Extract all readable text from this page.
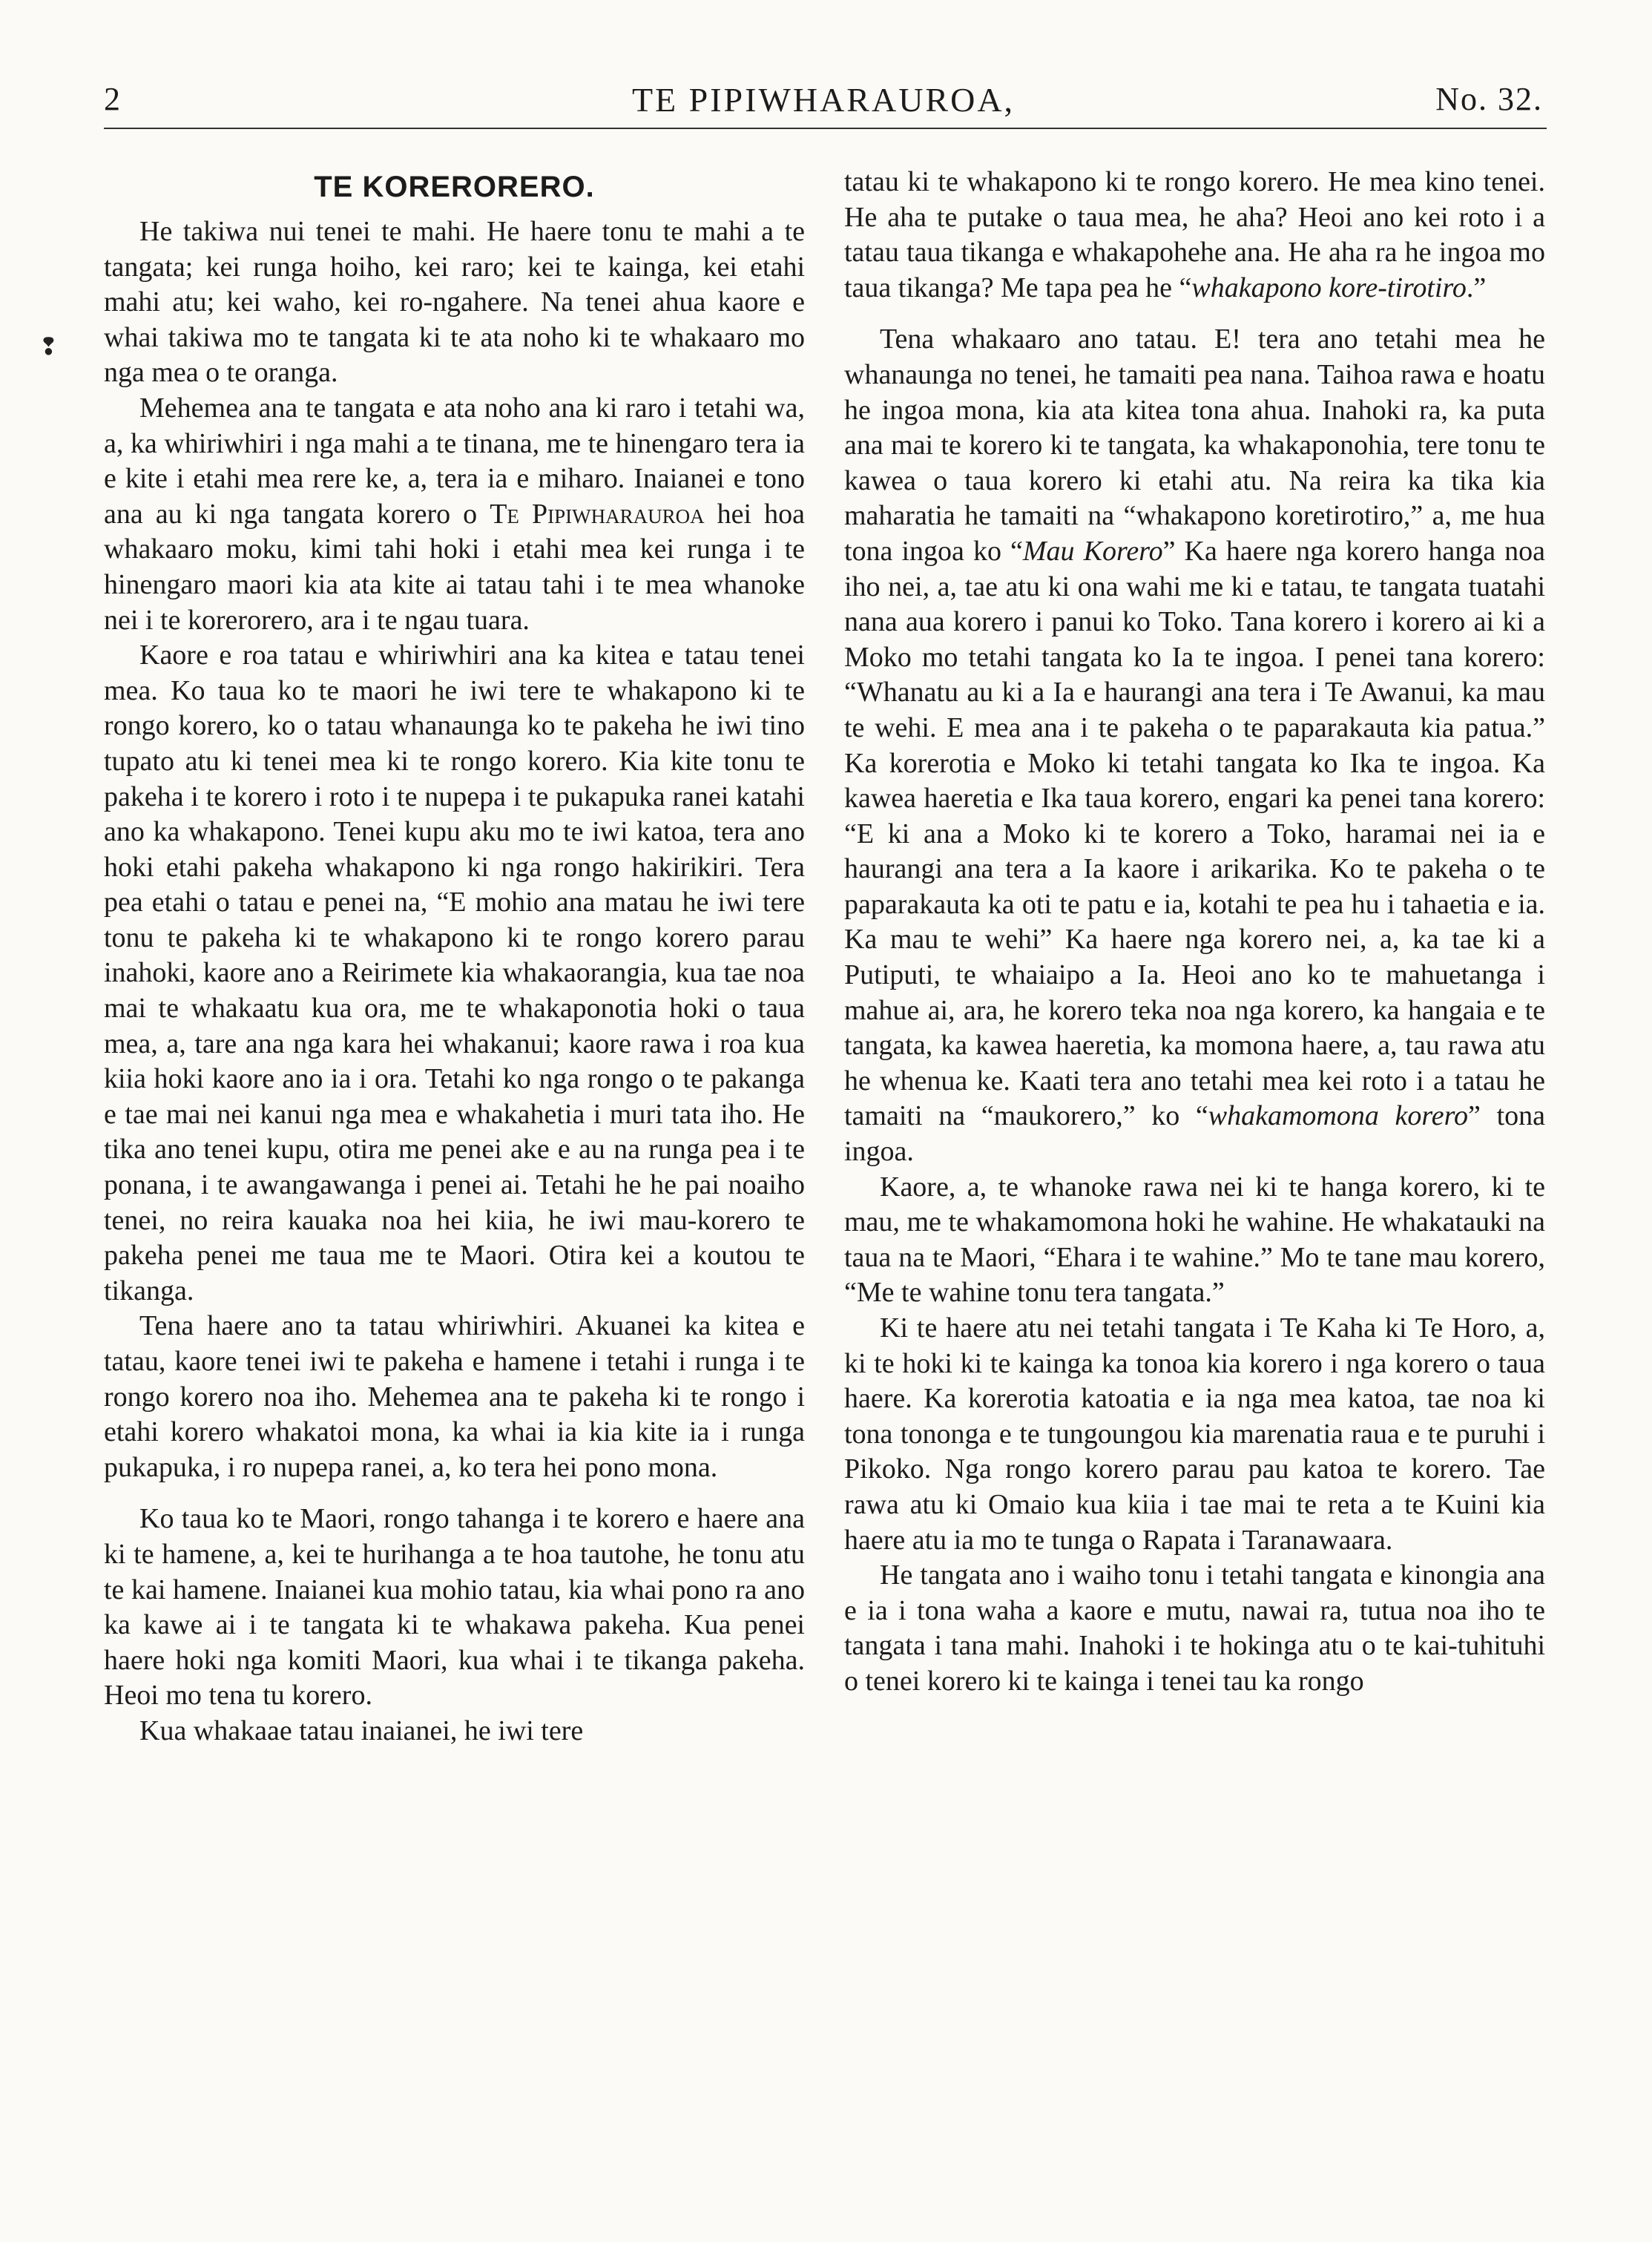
2	TE PIPIWHARAUROA,	No. 32.
❢
TE KORERORERO.

He takiwa nui tenei te mahi. He haere tonu te mahi a te tangata; kei runga hoiho, kei raro; kei te kainga, kei etahi mahi atu; kei waho, kei ro-ngahere. Na tenei ahua kaore e whai takiwa mo te tangata ki te ata noho ki te whakaaro mo nga mea o te oranga.

Mehemea ana te tangata e ata noho ana ki raro i tetahi wa, a, ka whiriwhiri i nga mahi a te tinana, me te hinengaro tera ia e kite i etahi mea rere ke, a, tera ia e miharo. Inaianei e tono ana au ki nga tangata korero o Te Pipiwharauroa hei hoa whakaaro moku, kimi tahi hoki i etahi mea kei runga i te hinengaro maori kia ata kite ai tatau tahi i te mea whanoke nei i te korerorero, ara i te ngau tuara.

Kaore e roa tatau e whiriwhiri ana ka kitea e tatau tenei mea. Ko taua ko te maori he iwi tere te whakapono ki te rongo korero, ko o tatau whanaunga ko te pakeha he iwi tino tupato atu ki tenei mea ki te rongo korero. Kia kite tonu te pakeha i te korero i roto i te nupepa i te pukapuka ranei katahi ano ka whakapono. Tenei kupu aku mo te iwi katoa, tera ano hoki etahi pakeha whakapono ki nga rongo hakirikiri. Tera pea etahi o tatau e penei na, “E mohio ana matau he iwi tere tonu te pakeha ki te whakapono ki te rongo korero parau inahoki, kaore ano a Reirimete kia whakaorangia, kua tae noa mai te whakaatu kua ora, me te whakaponotia hoki o taua mea, a, tare ana nga kara hei whakanui; kaore rawa i roa kua kiia hoki kaore ano ia i ora. Tetahi ko nga rongo o te pakanga e tae mai nei kanui nga mea e whakahetia i muri tata iho. He tika ano tenei kupu, otira me penei ake e au na runga pea i te ponana, i te awangawanga i penei ai. Tetahi he he pai noaiho tenei, no reira kauaka noa hei kiia, he iwi mau-korero te pakeha penei me taua me te Maori. Otira kei a koutou te tikanga.

Tena haere ano ta tatau whiriwhiri. Akuanei ka kitea e tatau, kaore tenei iwi te pakeha e hamene i tetahi i runga i te rongo korero noa iho. Mehemea ana te pakeha ki te rongo i etahi korero whakatoi mona, ka whai ia kia kite ia i runga pukapuka, i ro nupepa ranei, a, ko tera hei pono mona.

Ko taua ko te Maori, rongo tahanga i te korero e haere ana ki te hamene, a, kei te hurihanga a te hoa tautohe, he tonu atu te kai hamene. Inaianei kua mohio tatau, kia whai pono ra ano ka kawe ai i te tangata ki te whakawa pakeha. Kua penei haere hoki nga komiti Maori, kua whai i te tikanga pakeha. Heoi mo tena tu korero.

Kua whakaae tatau inaianei, he iwi tere

tatau ki te whakapono ki te rongo korero. He mea kino tenei. He aha te putake o taua mea, he aha? Heoi ano kei roto i a tatau taua tikanga e whakapohehe ana. He aha ra he ingoa mo taua tikanga? Me tapa pea he “whakapono kore-tirotiro.”

Tena whakaaro ano tatau. E! tera ano tetahi mea he whanaunga no tenei, he tamaiti pea nana. Taihoa rawa e hoatu he ingoa mona, kia ata kitea tona ahua. Inahoki ra, ka puta ana mai te korero ki te tangata, ka whakaponohia, tere tonu te kawea o taua korero ki etahi atu. Na reira ka tika kia maharatia he tamaiti na “whakapono koretirotiro,” a, me hua tona ingoa ko “Mau Korero” Ka haere nga korero hanga noa iho nei, a, tae atu ki ona wahi me ki e tatau, te tangata tuatahi nana aua korero i panui ko Toko. Tana korero i korero ai ki a Moko mo tetahi tangata ko Ia te ingoa. I penei tana korero: “Whanatu au ki a Ia e haurangi ana tera i Te Awanui, ka mau te wehi. E mea ana i te pakeha o te paparakauta kia patua.” Ka korerotia e Moko ki tetahi tangata ko Ika te ingoa. Ka kawea haeretia e Ika taua korero, engari ka penei tana korero: “E ki ana a Moko ki te korero a Toko, haramai nei ia e haurangi ana tera a Ia kaore i arikarika. Ko te pakeha o te paparakauta ka oti te patu e ia, kotahi te pea hu i tahaetia e ia. Ka mau te wehi” Ka haere nga korero nei, a, ka tae ki a Putiputi, te whaiaipo a Ia. Heoi ano ko te mahuetanga i mahue ai, ara, he korero teka noa nga korero, ka hangaia e te tangata, ka kawea haeretia, ka momona haere, a, tau rawa atu he whenua ke. Kaati tera ano tetahi mea kei roto i a tatau he tamaiti na “maukorero,” ko “whakamomona korero” tona ingoa.

Kaore, a, te whanoke rawa nei ki te hanga korero, ki te mau, me te whakamomona hoki he wahine. He whakatauki na taua na te Maori, “Ehara i te wahine.” Mo te tane mau korero, “Me te wahine tonu tera tangata.”

Ki te haere atu nei tetahi tangata i Te Kaha ki Te Horo, a, ki te hoki ki te kainga ka tonoa kia korero i nga korero o taua haere. Ka korerotia katoatia e ia nga mea katoa, tae noa ki tona tononga e te tungoungou kia marenatia raua e te puruhi i Pikoko. Nga rongo korero parau pau katoa te korero. Tae rawa atu ki Omaio kua kiia i tae mai te reta a te Kuini kia haere atu ia mo te tunga o Rapata i Taranawaara.

He tangata ano i waiho tonu i tetahi tangata e kinongia ana e ia i tona waha a kaore e mutu, nawai ra, tutua noa iho te tangata i tana mahi. Inahoki i te hokinga atu o te kai-tuhituhi o tenei korero ki te kainga i tenei tau ka rongo
